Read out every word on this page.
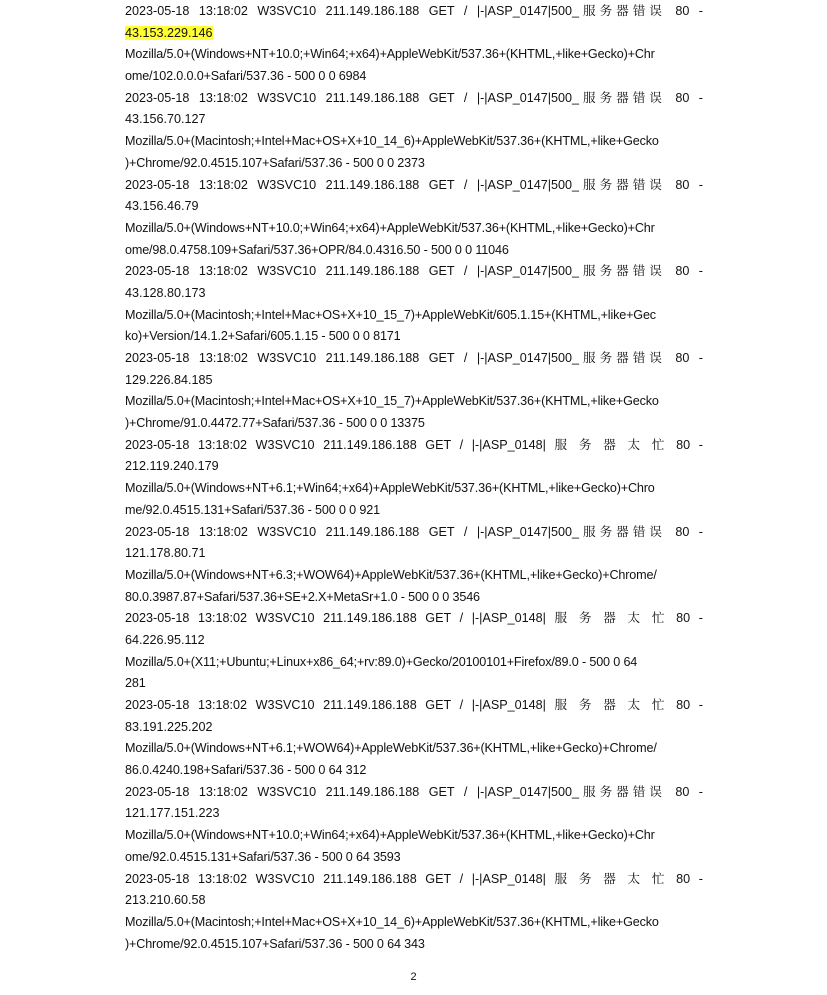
2023-05-18 13:18:02 W3SVC10 211.149.186.188 GET / |-|ASP_0147|500_服务器错误 80 -
43.153.229.146
Mozilla/5.0+(Windows+NT+10.0;+Win64;+x64)+AppleWebKit/537.36+(KHTML,+like+Gecko)+Chr
ome/102.0.0.0+Safari/537.36 - 500 0 0 6984
2023-05-18 13:18:02 W3SVC10 211.149.186.188 GET / |-|ASP_0147|500_服务器错误 80 -
43.156.70.127
Mozilla/5.0+(Macintosh;+Intel+Mac+OS+X+10_14_6)+AppleWebKit/537.36+(KHTML,+like+Gecko
)+Chrome/92.0.4515.107+Safari/537.36 - 500 0 0 2373
2023-05-18 13:18:02 W3SVC10 211.149.186.188 GET / |-|ASP_0147|500_服务器错误 80 -
43.156.46.79
Mozilla/5.0+(Windows+NT+10.0;+Win64;+x64)+AppleWebKit/537.36+(KHTML,+like+Gecko)+Chr
ome/98.0.4758.109+Safari/537.36+OPR/84.0.4316.50 - 500 0 0 11046
2023-05-18 13:18:02 W3SVC10 211.149.186.188 GET / |-|ASP_0147|500_服务器错误 80 -
43.128.80.173
Mozilla/5.0+(Macintosh;+Intel+Mac+OS+X+10_15_7)+AppleWebKit/605.1.15+(KHTML,+like+Gec
ko)+Version/14.1.2+Safari/605.1.15 - 500 0 0 8171
2023-05-18 13:18:02 W3SVC10 211.149.186.188 GET / |-|ASP_0147|500_服务器错误 80 -
129.226.84.185
Mozilla/5.0+(Macintosh;+Intel+Mac+OS+X+10_15_7)+AppleWebKit/537.36+(KHTML,+like+Gecko
)+Chrome/91.0.4472.77+Safari/537.36 - 500 0 0 13375
2023-05-18 13:18:02 W3SVC10 211.149.186.188 GET / |-|ASP_0148| 服 务 器 太 忙 80 -
212.119.240.179
Mozilla/5.0+(Windows+NT+6.1;+Win64;+x64)+AppleWebKit/537.36+(KHTML,+like+Gecko)+Chro
me/92.0.4515.131+Safari/537.36 - 500 0 0 921
2023-05-18 13:18:02 W3SVC10 211.149.186.188 GET / |-|ASP_0147|500_服务器错误 80 -
121.178.80.71
Mozilla/5.0+(Windows+NT+6.3;+WOW64)+AppleWebKit/537.36+(KHTML,+like+Gecko)+Chrome/
80.0.3987.87+Safari/537.36+SE+2.X+MetaSr+1.0 - 500 0 0 3546
2023-05-18 13:18:02 W3SVC10 211.149.186.188 GET / |-|ASP_0148| 服 务 器 太 忙 80 -
64.226.95.112
Mozilla/5.0+(X11;+Ubuntu;+Linux+x86_64;+rv:89.0)+Gecko/20100101+Firefox/89.0 - 500 0 64
281
2023-05-18 13:18:02 W3SVC10 211.149.186.188 GET / |-|ASP_0148| 服 务 器 太 忙 80 -
83.191.225.202
Mozilla/5.0+(Windows+NT+6.1;+WOW64)+AppleWebKit/537.36+(KHTML,+like+Gecko)+Chrome/
86.0.4240.198+Safari/537.36 - 500 0 64 312
2023-05-18 13:18:02 W3SVC10 211.149.186.188 GET / |-|ASP_0147|500_服务器错误 80 -
121.177.151.223
Mozilla/5.0+(Windows+NT+10.0;+Win64;+x64)+AppleWebKit/537.36+(KHTML,+like+Gecko)+Chr
ome/92.0.4515.131+Safari/537.36 - 500 0 64 3593
2023-05-18 13:18:02 W3SVC10 211.149.186.188 GET / |-|ASP_0148| 服 务 器 太 忙 80 -
213.210.60.58
Mozilla/5.0+(Macintosh;+Intel+Mac+OS+X+10_14_6)+AppleWebKit/537.36+(KHTML,+like+Gecko
)+Chrome/92.0.4515.107+Safari/537.36 - 500 0 64 343
2
